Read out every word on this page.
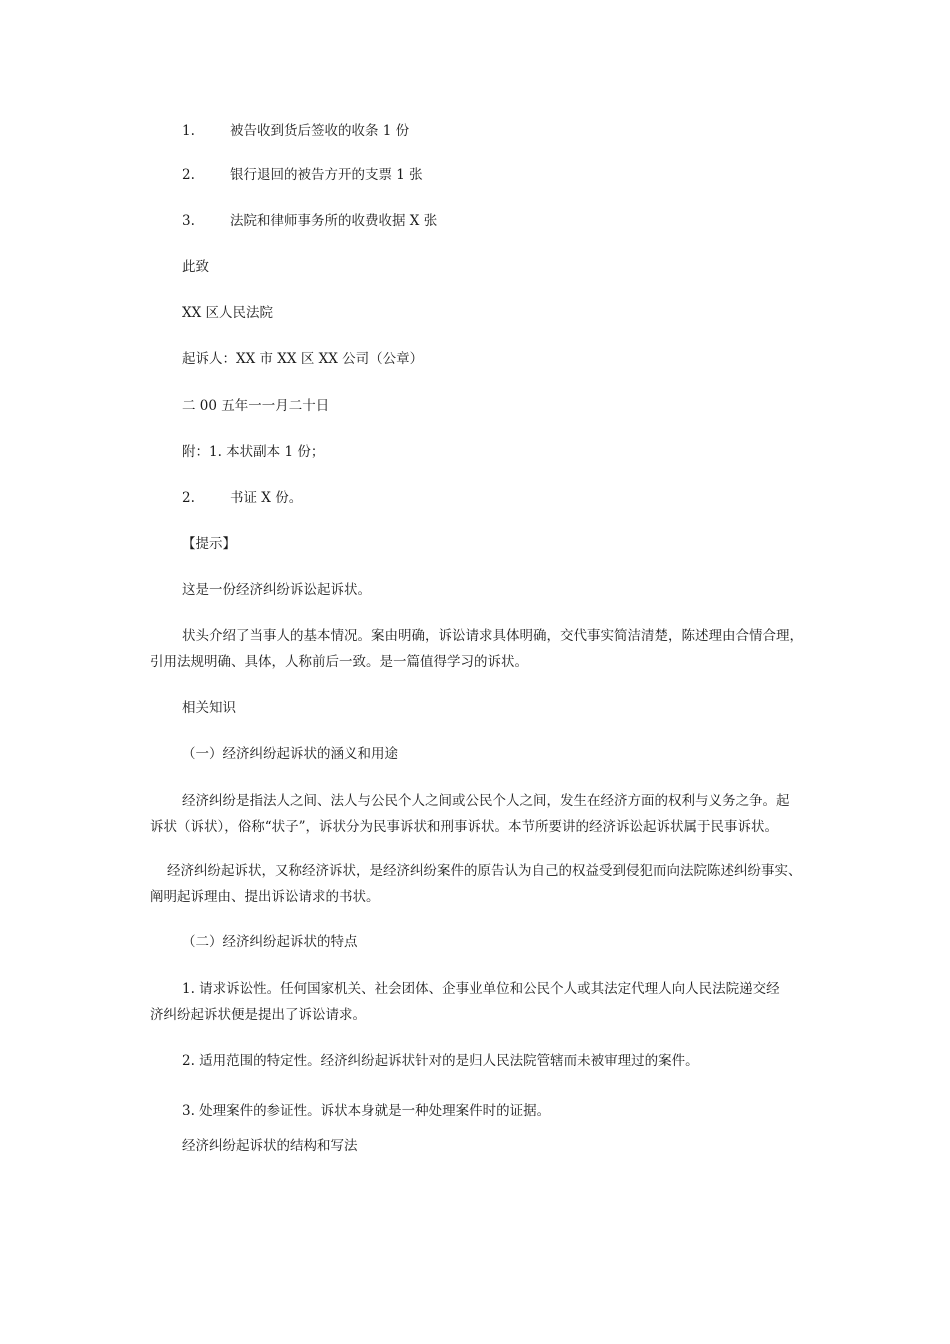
1.	被告收到货后签收的收条 1 份
2.	银行退回的被告方开的支票 1 张
3.	法院和律师事务所的收费收据 X 张
此致
XX 区人民法院
起诉人：XX 市 XX 区 XX 公司（公章）
二 00 五年一一月二十日
附：1. 本状副本 1 份；
2.	书证 X 份。
【提示】
这是一份经济纠纷诉讼起诉状。
状头介绍了当事人的基本情况。案由明确，诉讼请求具体明确，交代事实简洁清楚，陈述理由合情合理，
引用法规明确、具体，人称前后一致。是一篇值得学习的诉状。
相关知识
（一）经济纠纷起诉状的涵义和用途
经济纠纷是指法人之间、法人与公民个人之间或公民个人之间，发生在经济方面的权利与义务之争。起
诉状（诉状），俗称“状子”，诉状分为民事诉状和刑事诉状。本节所要讲的经济诉讼起诉状属于民事诉状。
经济纠纷起诉状，又称经济诉状，是经济纠纷案件的原告认为自己的权益受到侵犯而向法院陈述纠纷事实、
阐明起诉理由、提出诉讼请求的书状。
（二）经济纠纷起诉状的特点
1. 请求诉讼性。任何国家机关、社会团体、企事业单位和公民个人或其法定代理人向人民法院递交经
济纠纷起诉状便是提出了诉讼请求。
2. 适用范围的特定性。经济纠纷起诉状针对的是归人民法院管辖而未被审理过的案件。
3. 处理案件的参证性。诉状本身就是一种处理案件时的证据。
经济纠纷起诉状的结构和写法
